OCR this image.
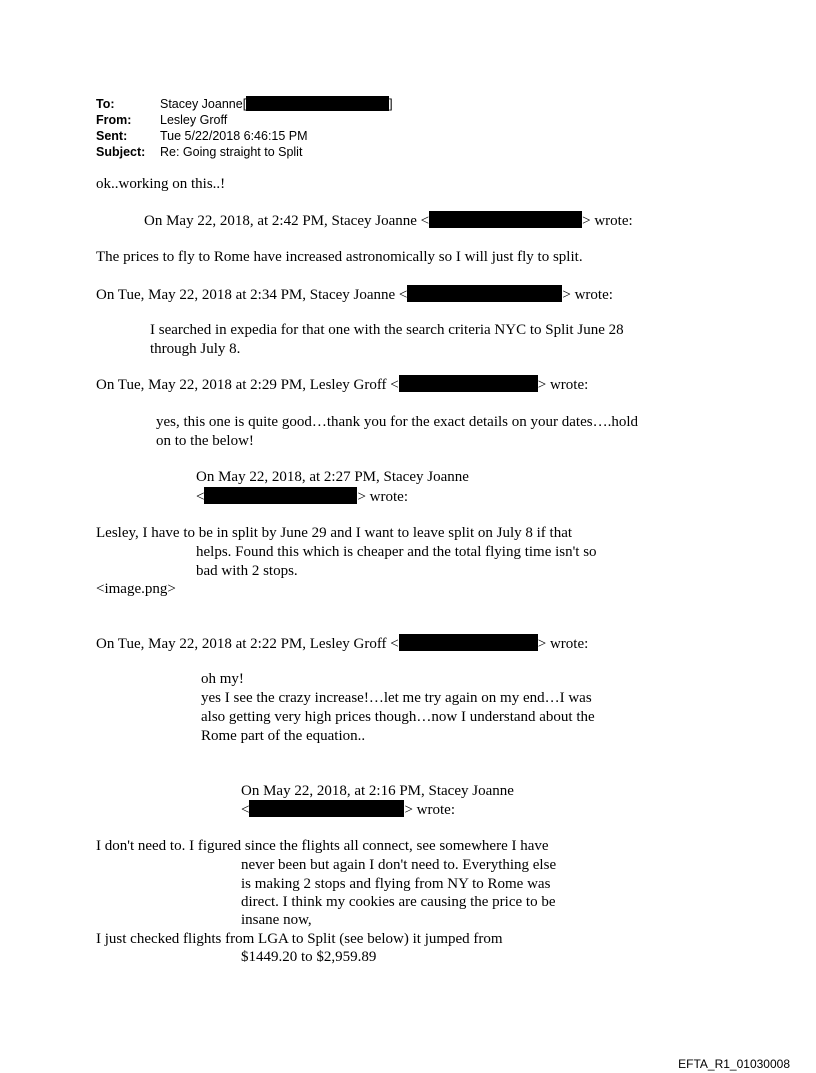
To:	Stacey Joanne[	]
From: Lesley Groff
Sent:	Tue 5/22/2018 6:46:15 PM
Subject: Re: Going straight to Split
ok..working on this..!
On May 22, 2018, at 2:42 PM, Stacey Joanne <	> wrote:
The prices to fly to Rome have increased astronomically so I will just fly to split.
On Tue, May 22, 2018 at 2:34 PM, Stacey Joanne <	> wrote:
I searched in expedia for that one with the search criteria NYC to Split June 28
through July 8.
On Tue, May 22, 2018 at 2:29 PM, Lesley Groff <	> wrote:
yes, this one is quite good…thank you for the exact details on your dates….hold
on to the below!
On May 22, 2018, at 2:27 PM, Stacey Joanne
<	> wrote:
Lesley, I have to be in split by June 29 and I want to leave split on July 8 if that
helps. Found this which is cheaper and the total flying time isn't so
bad with 2 stops.
<image.png>
On Tue, May 22, 2018 at 2:22 PM, Lesley Groff <	> wrote:
oh my!
yes I see the crazy increase!…let me try again on my end…I was
also getting very high prices though…now I understand about the
Rome part of the equation..
On May 22, 2018, at 2:16 PM, Stacey Joanne
<	> wrote:
I don't need to. I figured since the flights all connect, see somewhere I have
never been but again I don't need to. Everything else
is making 2 stops and flying from NY to Rome was
direct. I think my cookies are causing the price to be
insane now,
I just checked flights from LGA to Split (see below) it jumped from
$1449.20 to $2,959.89
EFTA_R1_01030008
